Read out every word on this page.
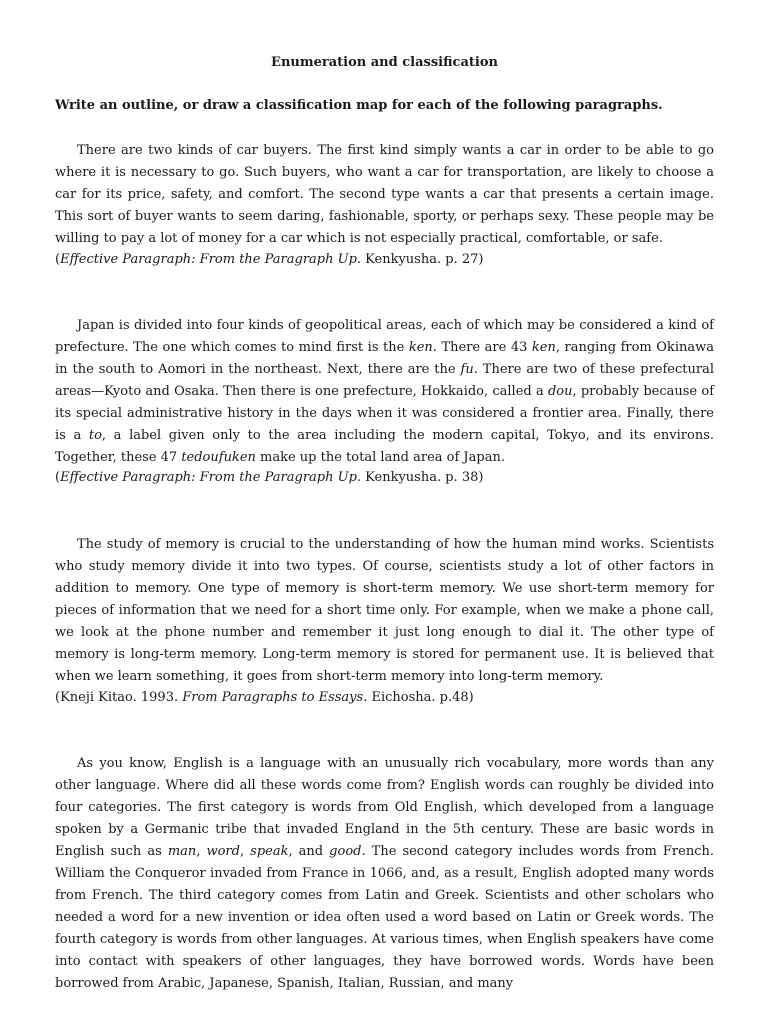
Enumeration and classification
Write an outline, or draw a classification map for each of the following paragraphs.

There are two kinds of car buyers. The first kind simply wants a car in order to be able to go where it is necessary to go. Such buyers, who want a car for transportation, are likely to choose a car for its price, safety, and comfort. The second type wants a car that presents a certain image. This sort of buyer wants to seem daring, fashionable, sporty, or perhaps sexy. These people may be willing to pay a lot of money for a car which is not especially practical, comfortable, or safe.

(Effective Paragraph: From the Paragraph Up. Kenkyusha. p. 27)

Japan is divided into four kinds of geopolitical areas, each of which may be considered a kind of prefecture. The one which comes to mind first is the ken. There are 43 ken, ranging from Okinawa in the south to Aomori in the northeast. Next, there are the fu. There are two of these prefectural areas—Kyoto and Osaka. Then there is one prefecture, Hokkaido, called a dou, probably because of its special administrative history in the days when it was considered a frontier area. Finally, there is a to, a label given only to the area including the modern capital, Tokyo, and its environs. Together, these 47 tedoufuken make up the total land area of Japan.

(Effective Paragraph: From the Paragraph Up. Kenkyusha. p. 38)

The study of memory is crucial to the understanding of how the human mind works. Scientists who study memory divide it into two types. Of course, scientists study a lot of other factors in addition to memory. One type of memory is short-term memory. We use short-term memory for pieces of information that we need for a short time only. For example, when we make a phone call, we look at the phone number and remember it just long enough to dial it. The other type of memory is long-term memory. Long-term memory is stored for permanent use. It is believed that when we learn something, it goes from short-term memory into long-term memory.

(Kneji Kitao. 1993. From Paragraphs to Essays. Eichosha. p.48)

As you know, English is a language with an unusually rich vocabulary, more words than any other language. Where did all these words come from? English words can roughly be divided into four categories. The first category is words from Old English, which developed from a language spoken by a Germanic tribe that invaded England in the 5th century. These are basic words in English such as man, word, speak, and good. The second category includes words from French. William the Conqueror invaded from France in 1066, and, as a result, English adopted many words from French. The third category comes from Latin and Greek. Scientists and other scholars who needed a word for a new invention or idea often used a word based on Latin or Greek words. The fourth category is words from other languages. At various times, when English speakers have come into contact with speakers of other languages, they have borrowed words. Words have been borrowed from Arabic, Japanese, Spanish, Italian, Russian, and many
